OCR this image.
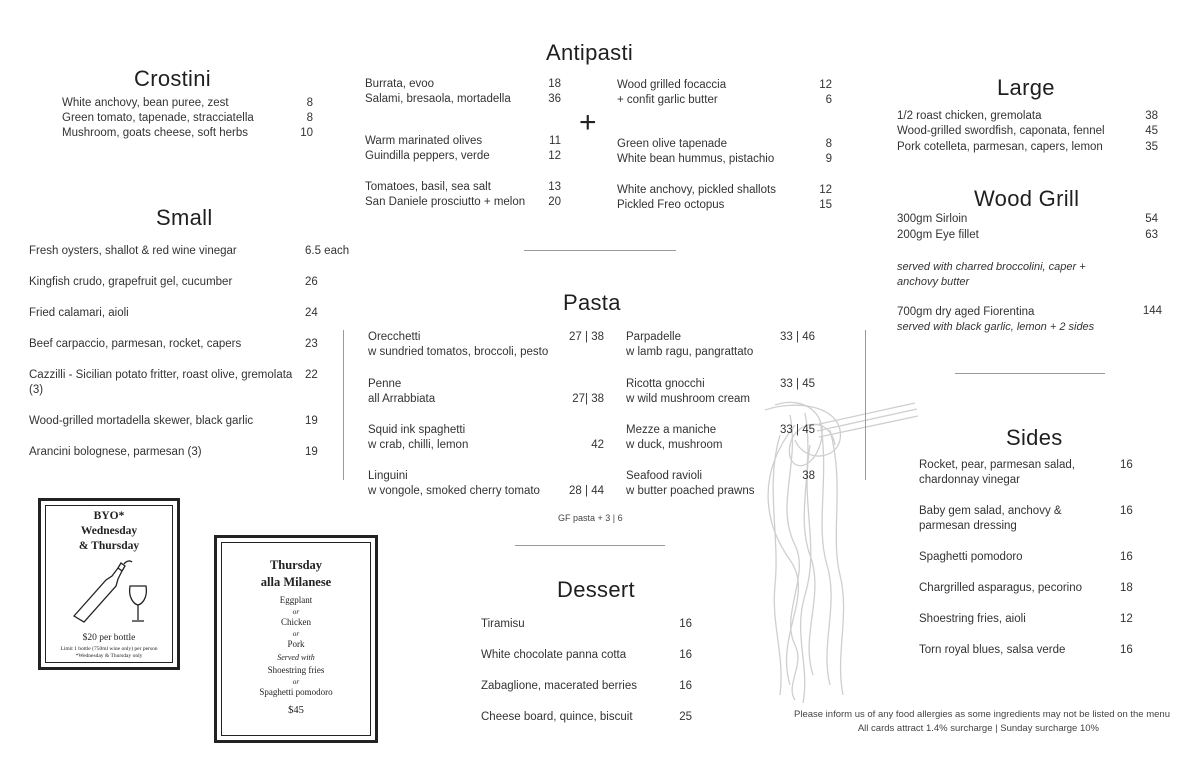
Crostini
White anchovy, bean puree, zest	8
Green tomato, tapenade, stracciatella	8
Mushroom, goats cheese, soft herbs	10
Small
Fresh oysters, shallot & red wine vinegar	6.5 each
Kingfish crudo, grapefruit gel, cucumber	26
Fried calamari, aioli	24
Beef carpaccio, parmesan, rocket, capers	23
Cazzilli - Sicilian potato fritter, roast olive, gremolata (3)
22
Wood-grilled mortadella skewer, black garlic	19
Arancini bolognese, parmesan (3)	19
Antipasti
Burrata, evoo	18
Salami, bresaola, mortadella	36
Warm marinated olives	11
Guindilla peppers, verde	12
Tomatoes, basil, sea salt	13
San Daniele prosciutto + melon	20
+
Wood grilled focaccia	12
+ confit garlic butter	6
Green olive tapenade	8
White bean hummus, pistachio	9
White anchovy, pickled shallots	12
Pickled Freo octopus	15
Pasta
Orecchetti
w sundried tomatos, broccoli, pesto
27 | 38
Penne
all Arrabbiata	27| 38
Squid ink spaghetti
w crab, chilli, lemon	42
Linguini
w vongole, smoked cherry tomato	28 | 44
Parpadelle
w lamb ragu, pangrattato
33 | 46
Ricotta gnocchi
w wild mushroom cream
33 | 45
Mezze a maniche
w duck, mushroom
33 | 45
Seafood ravioli
w butter poached prawns
38
GF pasta + 3 | 6
Dessert
Tiramisu	16
White chocolate panna cotta	16
Zabaglione, macerated berries	16
Cheese board, quince, biscuit	25
Large
1/2 roast chicken, gremolata	38
Wood-grilled swordfish, caponata, fennel	45
Pork cotelleta, parmesan, capers, lemon	35
Wood Grill
300gm Sirloin	54
200gm Eye fillet	63
served with charred broccolini, caper + anchovy butter
700gm dry aged Fiorentina	144
served with black garlic, lemon + 2 sides
Sides
Rocket, pear, parmesan salad, chardonnay vinegar
16
Baby gem salad, anchovy & parmesan dressing
16
Spaghetti pomodoro	16
Chargrilled asparagus, pecorino	18
Shoestring fries, aioli	12
Torn royal blues, salsa verde	16
BYO*
Wednesday
& Thursday
$20 per bottle
Limit 1 bottle (750ml wine only) per person
*Wednesday & Thursday only
Thursday
alla Milanese
Eggplant
or
Chicken
or
Pork
Served with
Shoestring fries
or
Spaghetti pomodoro
$45	Please inform us of any food allergies as some ingredients may not be listed on the menu
All cards attract 1.4% surcharge | Sunday surcharge 10%
